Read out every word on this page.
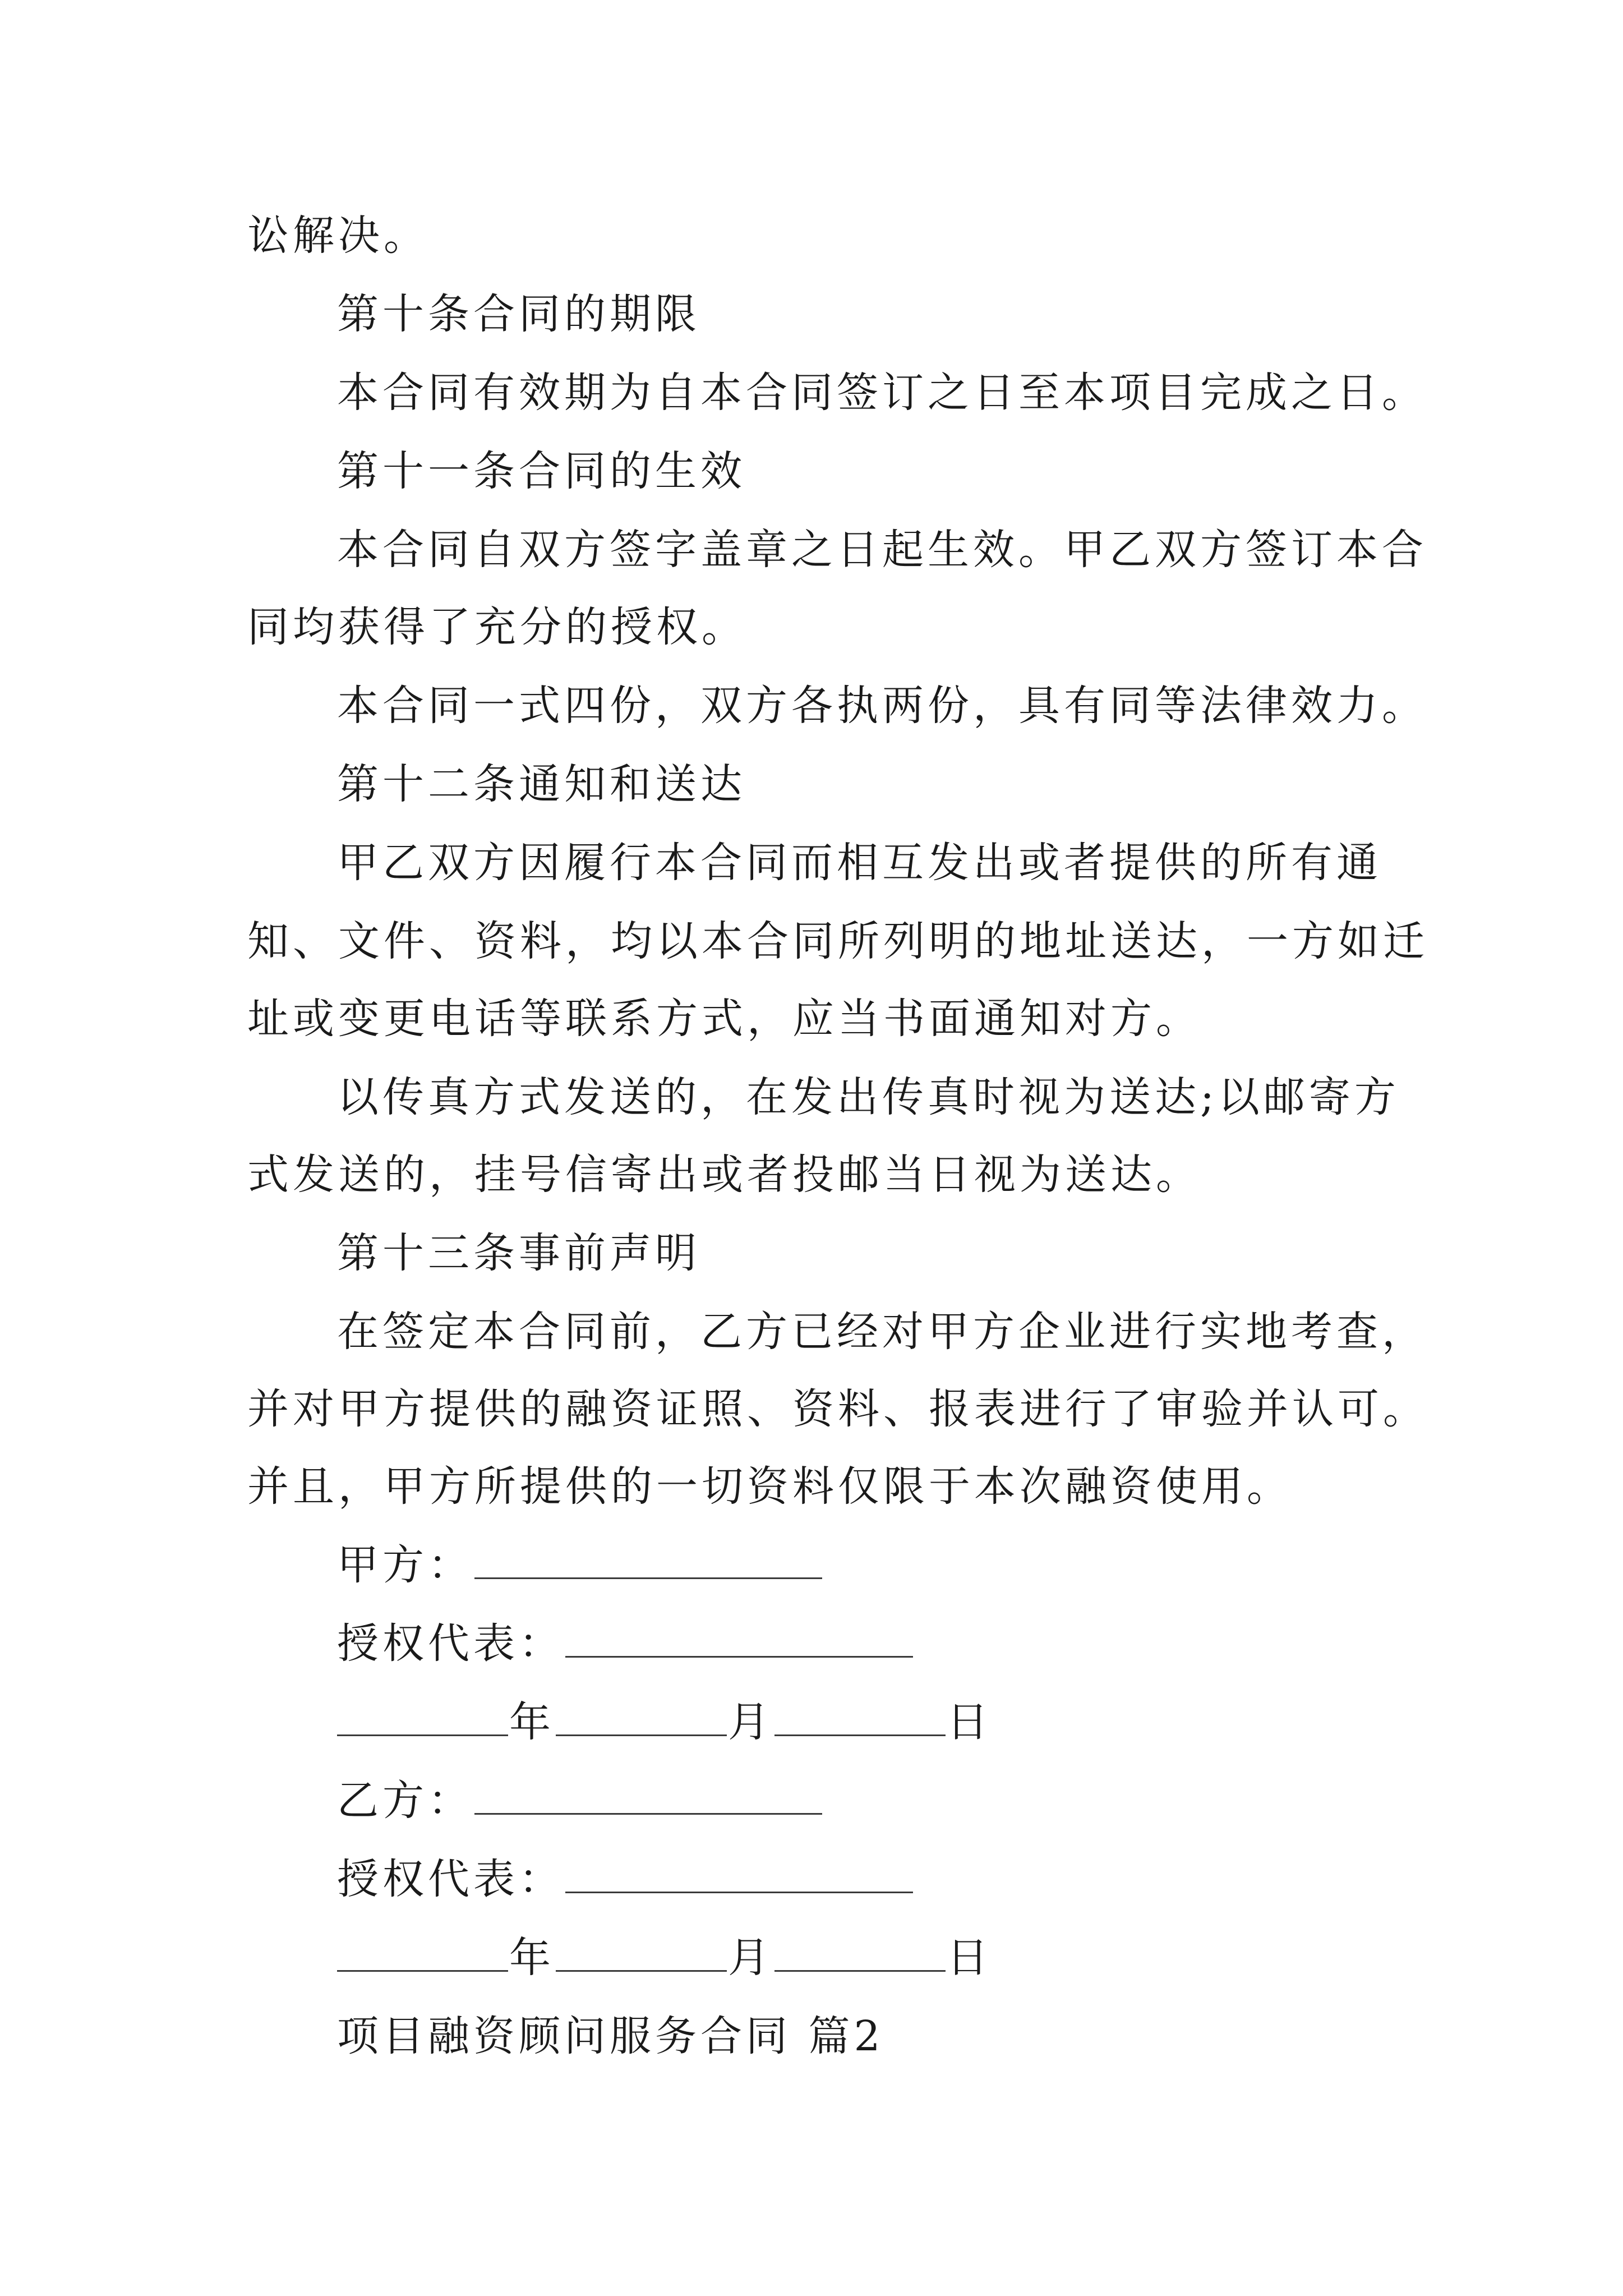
讼解决。
第十条合同的期限
本合同有效期为自本合同签订之日至本项目完成之日。
第十一条合同的生效
本合同自双方签字盖章之日起生效。甲乙双方签订本合
同均获得了充分的授权。
本合同一式四份，双方各执两份，具有同等法律效力。
第十二条通知和送达
甲乙双方因履行本合同而相互发出或者提供的所有通
知、文件、资料，均以本合同所列明的地址送达，一方如迁
址或变更电话等联系方式，应当书面通知对方。
以传真方式发送的，在发出传真时视为送达;以邮寄方
式发送的，挂号信寄出或者投邮当日视为送达。
第十三条事前声明
在签定本合同前，乙方已经对甲方企业进行实地考查，
并对甲方提供的融资证照、资料、报表进行了审验并认可。
并且，甲方所提供的一切资料仅限于本次融资使用。
甲方：
授权代表：
年	月	日
乙方：
授权代表：
年	月	日
项目融资顾问服务合同 篇2
